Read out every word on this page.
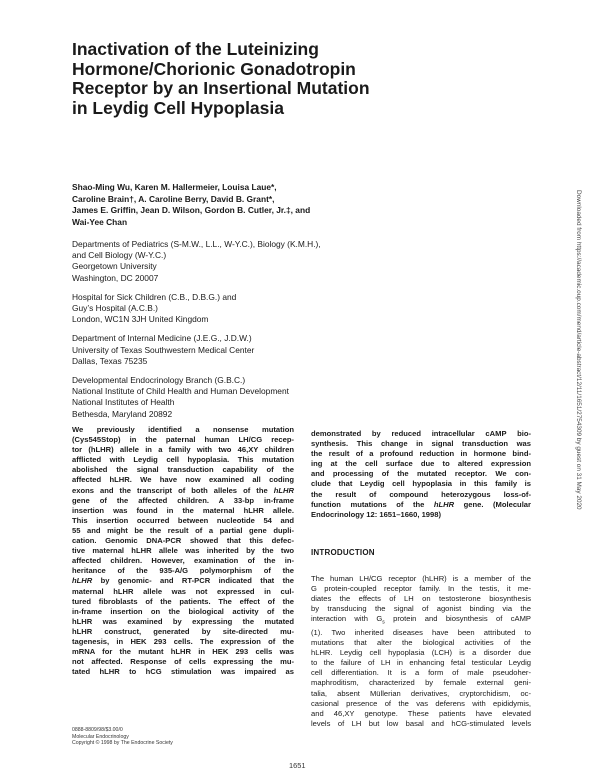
Inactivation of the Luteinizing
Hormone/Chorionic Gonadotropin
Receptor by an Insertional Mutation
in Leydig Cell Hypoplasia
Shao-Ming Wu, Karen M. Hallermeier, Louisa Laue*,
Caroline Brain†, A. Caroline Berry, David B. Grant*,
James E. Griffin, Jean D. Wilson, Gordon B. Cutler, Jr.‡, and
Wai-Yee Chan
Departments of Pediatrics (S-M.W., L.L., W-Y.C.), Biology (K.M.H.),
and Cell Biology (W-Y.C.)
Georgetown University
Washington, DC 20007
Hospital for Sick Children (C.B., D.B.G.) and
Guy’s Hospital (A.C.B.)
London, WC1N 3JH United Kingdom
Department of Internal Medicine (J.E.G., J.D.W.)
University of Texas Southwestern Medical Center
Dallas, Texas 75235
Developmental Endocrinology Branch (G.B.C.)
National Institute of Child Health and Human Development
National Institutes of Health
Bethesda, Maryland 20892
We previously identified a nonsense mutation
(Cys545Stop) in the paternal human LH/CG recep-
tor (hLHR) allele in a family with two 46,XY children
afflicted with Leydig cell hypoplasia. This mutation
abolished the signal transduction capability of the
affected hLHR. We have now examined all coding
exons and the transcript of both alleles of the hLHR
gene of the affected children. A 33-bp in-frame
insertion was found in the maternal hLHR allele.
This insertion occurred between nucleotide 54 and
55 and might be the result of a partial gene dupli-
cation. Genomic DNA-PCR showed that this defec-
tive maternal hLHR allele was inherited by the two
affected children. However, examination of the in-
heritance of the 935-A/G polymorphism of the
hLHR by genomic- and RT-PCR indicated that the
maternal hLHR allele was not expressed in cul-
tured fibroblasts of the patients. The effect of the
in-frame insertion on the biological activity of the
hLHR was examined by expressing the mutated
hLHR construct, generated by site-directed mu-
tagenesis, in HEK 293 cells. The expression of the
mRNA for the mutant hLHR in HEK 293 cells was
not affected. Response of cells expressing the mu-
tated hLHR to hCG stimulation was impaired as
demonstrated by reduced intracellular cAMP bio-
synthesis. This change in signal transduction was
the result of a profound reduction in hormone bind-
ing at the cell surface due to altered expression
and processing of the mutated receptor. We con-
clude that Leydig cell hypoplasia in this family is
the result of compound heterozygous loss-of-
function mutations of the hLHR gene. (Molecular
Endocrinology 12: 1651–1660, 1998)
INTRODUCTION
The human LH/CG receptor (hLHR) is a member of the
G protein-coupled receptor family. In the testis, it me-
diates the effects of LH on testosterone biosynthesis
by transducing the signal of agonist binding via the
interaction with $G_s$ protein and biosynthesis of cAMP
(1). Two inherited diseases have been attributed to
mutations that alter the biological activities of the
hLHR. Leydig cell hypoplasia (LCH) is a disorder due
to the failure of LH in enhancing fetal testicular Leydig
cell differentiation. It is a form of male pseudoher-
maphroditism, characterized by female external geni-
talia, absent Müllerian derivatives, cryptorchidism, oc-
casional presence of the vas deferens with epididymis,
and 46,XY genotype. These patients have elevated
levels of LH but low basal and hCG-stimulated levels
0888-8809/98/$3.00/0
Molecular Endocrinology
Copyright © 1998 by The Endocrine Society
1651
Downloaded from https://academic.oup.com/mend/article-abstract/12/11/1651/2754309 by guest on 31 May 2020
